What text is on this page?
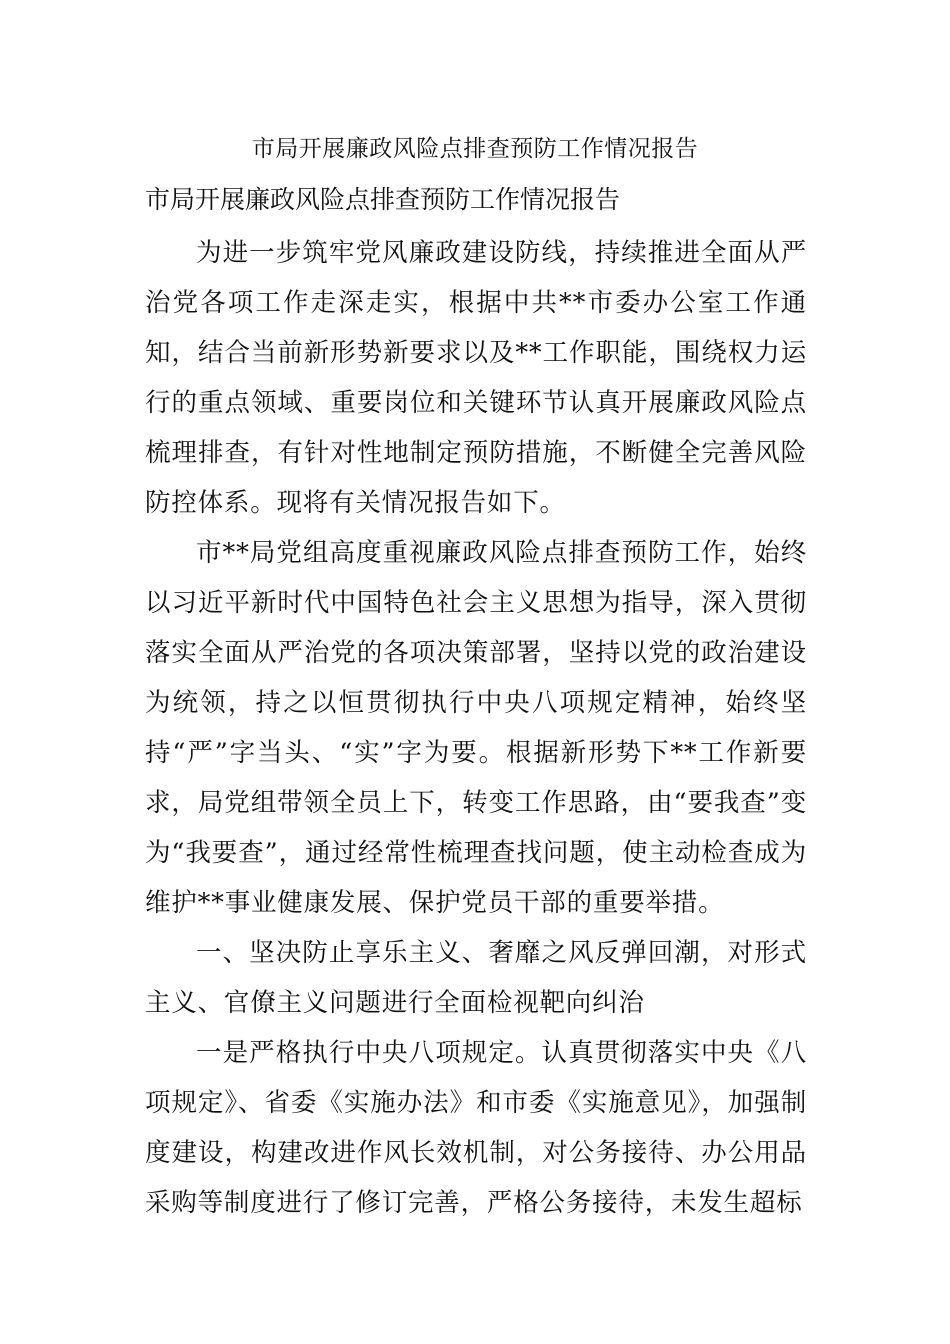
市局开展廉政风险点排查预防工作情况报告
市局开展廉政风险点排查预防工作情况报告

为进一步筑牢党风廉政建设防线，持续推进全面从严治党各项工作走深走实，根据中共**市委办公室工作通知，结合当前新形势新要求以及**工作职能，围绕权力运行的重点领域、重要岗位和关键环节认真开展廉政风险点梳理排查，有针对性地制定预防措施，不断健全完善风险防控体系。现将有关情况报告如下。

市**局党组高度重视廉政风险点排查预防工作，始终以习近平新时代中国特色社会主义思想为指导，深入贯彻落实全面从严治党的各项决策部署，坚持以党的政治建设为统领，持之以恒贯彻执行中央八项规定精神，始终坚持“严”字当头、“实”字为要。根据新形势下**工作新要求，局党组带领全员上下，转变工作思路，由“要我查”变为“我要查”，通过经常性梳理查找问题，使主动检查成为维护**事业健康发展、保护党员干部的重要举措。

一、坚决防止享乐主义、奢靡之风反弹回潮，对形式主义、官僚主义问题进行全面检视靶向纠治

一是严格执行中央八项规定。认真贯彻落实中央《八项规定》、省委《实施办法》和市委《实施意见》，加强制度建设，构建改进作风长效机制，对公务接待、办公用品采购等制度进行了修订完善，严格公务接待，未发生超标
